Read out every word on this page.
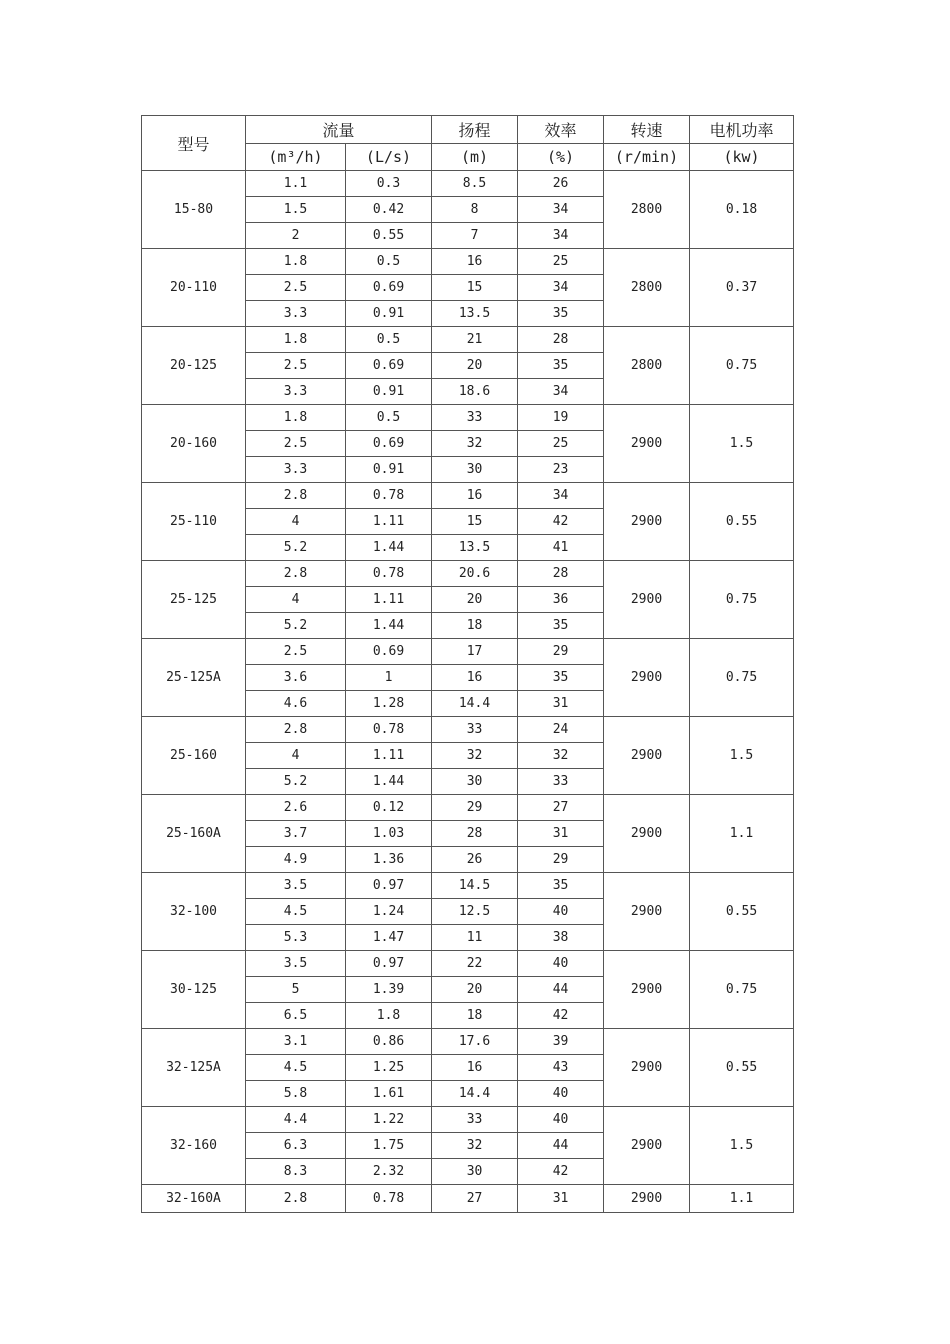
型号	流量		扬程	效率	转速	电机功率
	(m³/h)	(L/s)	(m)	(%)	(r/min)	(kw)
15-80	1.1	0.3	8.5	26	2800	0.18
	1.5	0.42	8	34		
	2	0.55	7	34		
20-110	1.8	0.5	16	25	2800	0.37
	2.5	0.69	15	34		
	3.3	0.91	13.5	35		
20-125	1.8	0.5	21	28	2800	0.75
	2.5	0.69	20	35		
	3.3	0.91	18.6	34		
20-160	1.8	0.5	33	19	2900	1.5
	2.5	0.69	32	25		
	3.3	0.91	30	23		
25-110	2.8	0.78	16	34	2900	0.55
	4	1.11	15	42		
	5.2	1.44	13.5	41		
25-125	2.8	0.78	20.6	28	2900	0.75
	4	1.11	20	36		
	5.2	1.44	18	35		
25-125A	2.5	0.69	17	29	2900	0.75
	3.6	1	16	35		
	4.6	1.28	14.4	31		
25-160	2.8	0.78	33	24	2900	1.5
	4	1.11	32	32		
	5.2	1.44	30	33		
25-160A	2.6	0.12	29	27	2900	1.1
	3.7	1.03	28	31		
	4.9	1.36	26	29		
32-100	3.5	0.97	14.5	35	2900	0.55
	4.5	1.24	12.5	40		
	5.3	1.47	11	38		
30-125	3.5	0.97	22	40	2900	0.75
	5	1.39	20	44		
	6.5	1.8	18	42		
32-125A	3.1	0.86	17.6	39	2900	0.55
	4.5	1.25	16	43		
	5.8	1.61	14.4	40		
32-160	4.4	1.22	33	40	2900	1.5
	6.3	1.75	32	44		
	8.3	2.32	30	42		
32-160A	2.8	0.78	27	31	2900	1.1
